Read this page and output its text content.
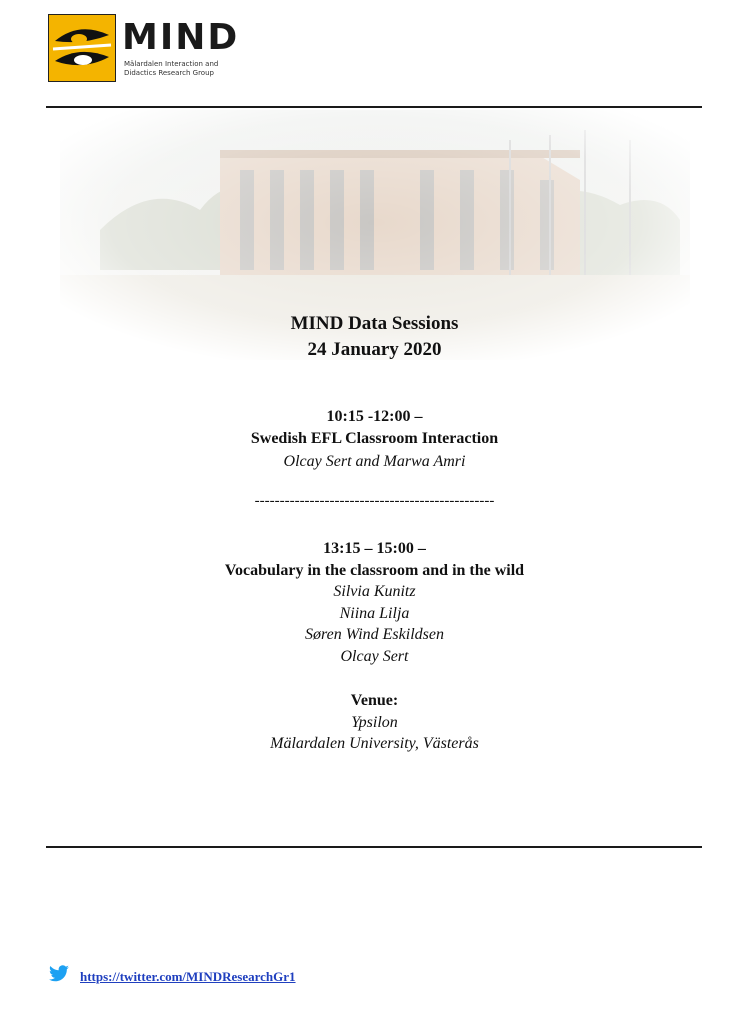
MIND
Mälardalen Interaction and
Didactics Research Group
MIND Data Sessions
24 January 2020
10:15 -12:00 –
Swedish EFL Classroom Interaction
Olcay Sert and Marwa Amri
------------------------------------------------
13:15 – 15:00 –
Vocabulary in the classroom and in the wild
Silvia Kunitz
Niina Lilja
Søren Wind Eskildsen
Olcay Sert
Venue:
Ypsilon
Mälardalen University, Västerås
https://twitter.com/MINDResearchGr1
